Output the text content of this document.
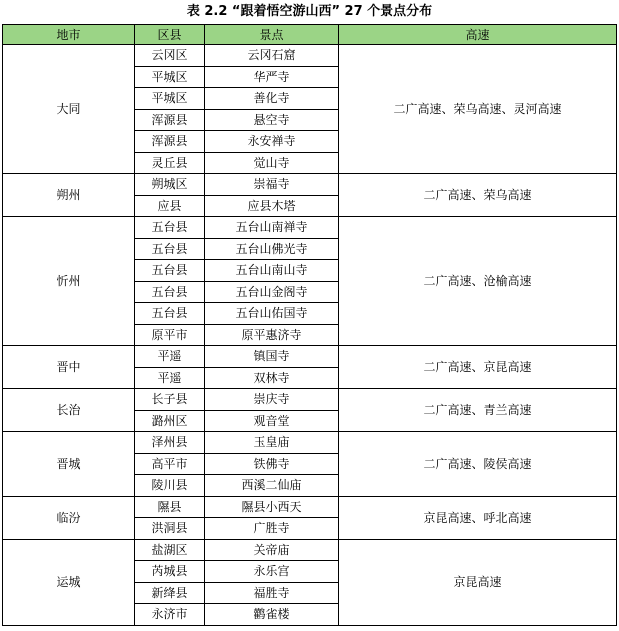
表 2.2 “跟着悟空游山西” 27 个景点分布
地市	区县	景点	高速
大同	云冈区	云冈石窟	二广高速、荣乌高速、灵河高速
	平城区	华严寺	
	平城区	善化寺	
	浑源县	悬空寺	
	浑源县	永安禅寺	
	灵丘县	觉山寺	
朔州	朔城区	崇福寺	二广高速、荣乌高速
	应县	应县木塔	
忻州	五台县	五台山南禅寺	二广高速、沧榆高速
	五台县	五台山佛光寺	
	五台县	五台山南山寺	
	五台县	五台山金阁寺	
	五台县	五台山佑国寺	
	原平市	原平惠济寺	
晋中	平遥	镇国寺	二广高速、京昆高速
	平遥	双林寺	
长治	长子县	崇庆寺	二广高速、青兰高速
	潞州区	观音堂	
晋城	泽州县	玉皇庙	二广高速、陵侯高速
	高平市	铁佛寺	
	陵川县	西溪二仙庙	
临汾	隰县	隰县小西天	京昆高速、呼北高速
	洪洞县	广胜寺	
运城	盐湖区	关帝庙	京昆高速
	芮城县	永乐宫	
	新绛县	福胜寺	
	永济市	鹳雀楼	
